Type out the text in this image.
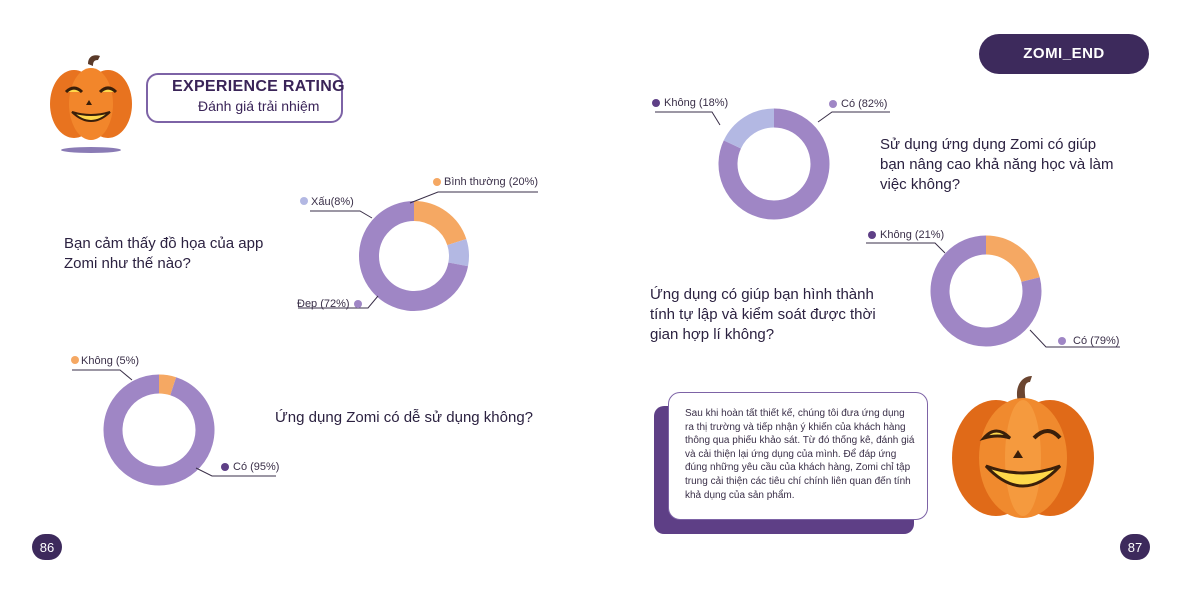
EXPERIENCE RATING
Đánh giá trải nhiệm
Bạn cảm thấy đồ họa của app Zomi như thế nào?
Ứng dụng Zomi có dễ sử dụng không?
Sử dụng ứng dụng Zomi có giúp bạn nâng cao khả năng học và làm việc không?
Ứng dụng có giúp bạn hình thành tính tự lập và kiểm soát được thời gian hợp lí không?
Bình thường (20%)
Xấu(8%)
Đẹp (72%)
Không (5%)
Có (95%)
Có (82%)
Không (18%)
Không (21%)
Có (79%)
ZOMI_END
Sau khi hoàn tất thiết kế, chúng tôi đưa ứng dụng ra thị trường và tiếp nhận ý khiến của khách hàng thông qua phiếu khảo sát. Từ đó thống kê, đánh giá và cải thiện lại ứng dụng của mình. Để đáp ứng đúng những yêu cầu của khách hàng, Zomi chỉ tập trung cải thiện các tiêu chí chính liên quan đến tính khả dụng của sản phẩm.
86	87
